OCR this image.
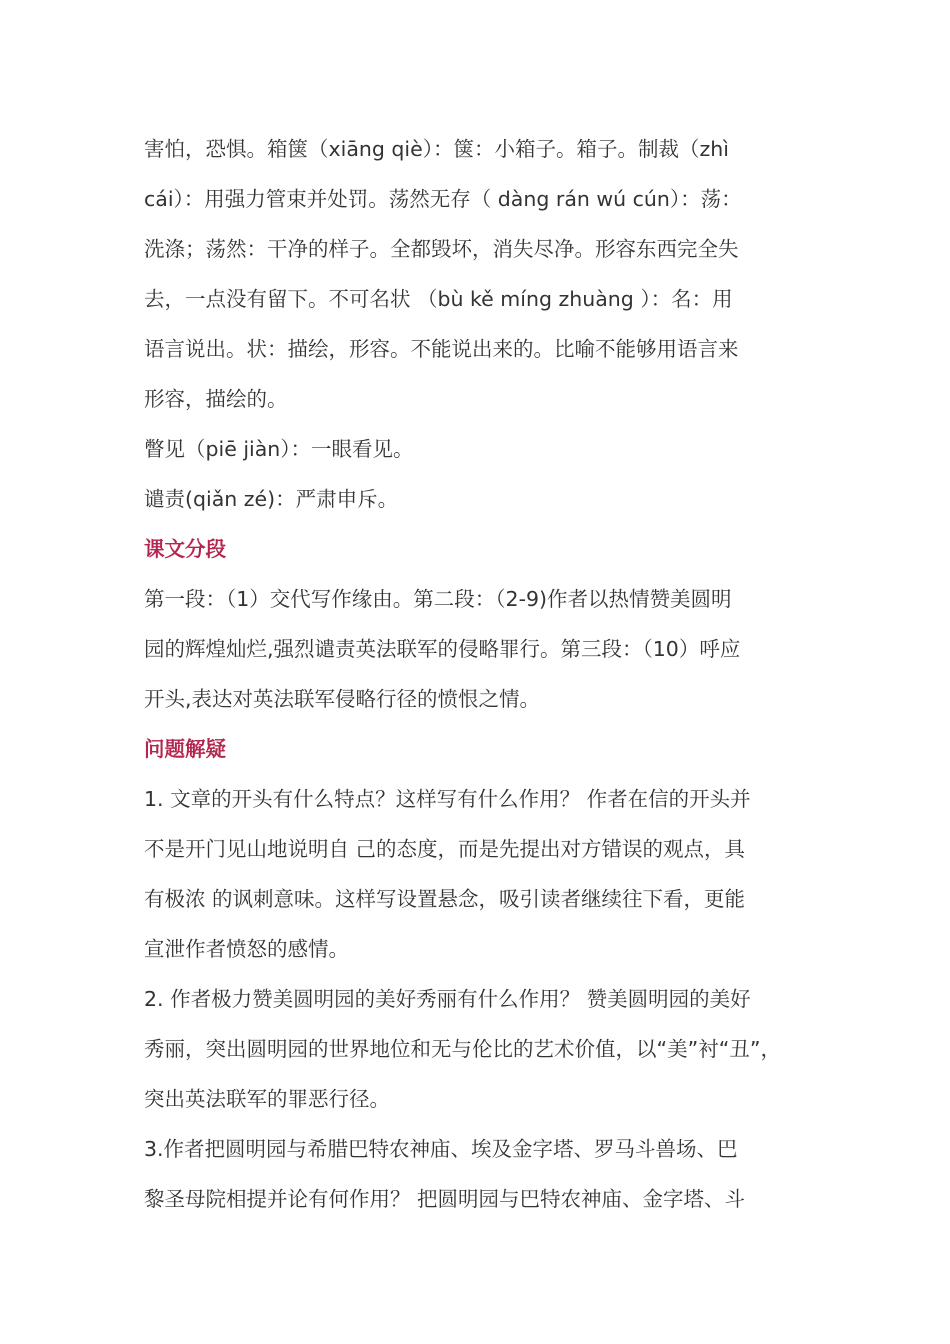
害怕，恐惧。箱箧（xiāng qiè）：箧：小箱子。箱子。制裁（zhì
cái）：用强力管束并处罚。荡然无存（ dàng rán wú cún）：荡：
洗涤；荡然：干净的样子。全都毁坏，消失尽净。形容东西完全失
去，一点没有留下。不可名状 （bù kě míng zhuàng ）：名：用
语言说出。状：描绘，形容。不能说出来的。比喻不能够用语言来
形容，描绘的。
瞥见（piē jiàn）：一眼看见。
谴责(qiǎn zé)：严肃申斥。
课文分段
第一段：（1）交代写作缘由。第二段：（2-9)作者以热情赞美圆明
园的辉煌灿烂,强烈谴责英法联军的侵略罪行。第三段：（10）呼应
开头,表达对英法联军侵略行径的愤恨之情。
问题解疑
1. 文章的开头有什么特点？这样写有什么作用？ 作者在信的开头并
不是开门见山地说明自 己的态度，而是先提出对方错误的观点，具
有极浓 的讽刺意味。这样写设置悬念，吸引读者继续往下看，更能
宣泄作者愤怒的感情。
2. 作者极力赞美圆明园的美好秀丽有什么作用？ 赞美圆明园的美好
秀丽，突出圆明园的世界地位和无与伦比的艺术价值，以“美”衬“丑”，
突出英法联军的罪恶行径。
3.作者把圆明园与希腊巴特农神庙、埃及金字塔、罗马斗兽场、巴
黎圣母院相提并论有何作用？ 把圆明园与巴特农神庙、金字塔、斗
